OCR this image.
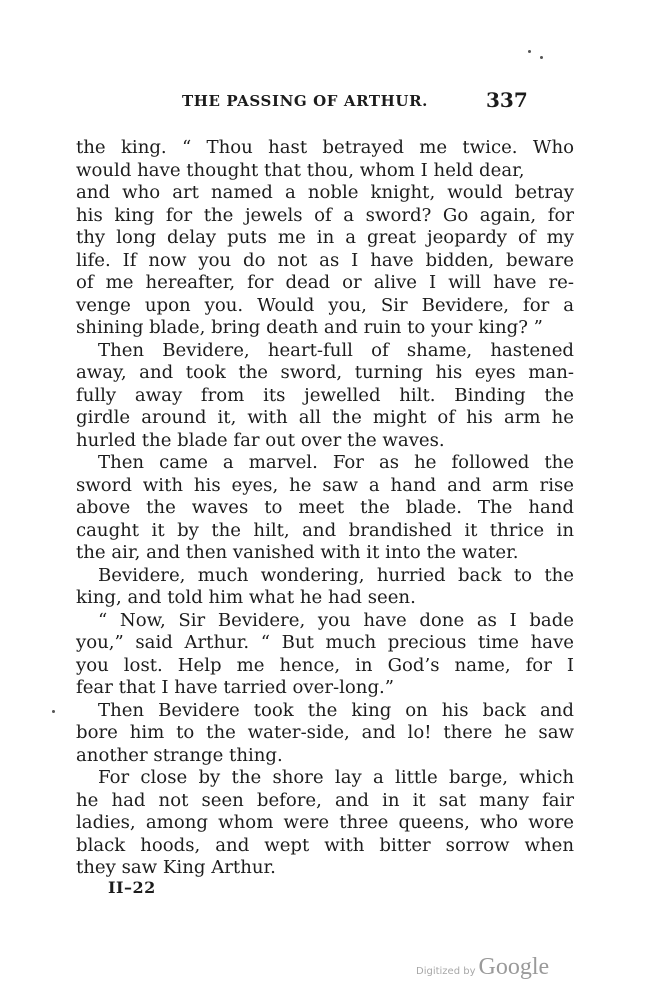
THE PASSING OF ARTHUR.	337
the king. “ Thou hast betrayed me twice. Who
would have thought that thou, whom I held dear,
and who art named a noble knight, would betray
his king for the jewels of a sword? Go again, for
thy long delay puts me in a great jeopardy of my
life. If now you do not as I have bidden, beware
of me hereafter, for dead or alive I will have re-
venge upon you. Would you, Sir Bevidere, for a
shining blade, bring death and ruin to your king? ”
Then Bevidere, heart-full of shame, hastened
away, and took the sword, turning his eyes man-
fully away from its jewelled hilt. Binding the
girdle around it, with all the might of his arm he
hurled the blade far out over the waves.
Then came a marvel. For as he followed the
sword with his eyes, he saw a hand and arm rise
above the waves to meet the blade. The hand
caught it by the hilt, and brandished it thrice in
the air, and then vanished with it into the water.
Bevidere, much wondering, hurried back to the
king, and told him what he had seen.
“ Now, Sir Bevidere, you have done as I bade
you,” said Arthur. “ But much precious time have
you lost. Help me hence, in God’s name, for I
fear that I have tarried over-long.”
Then Bevidere took the king on his back and
bore him to the water-side, and lo! there he saw
another strange thing.
For close by the shore lay a little barge, which
he had not seen before, and in it sat many fair
ladies, among whom were three queens, who wore
black hoods, and wept with bitter sorrow when
they saw King Arthur.
II–22
Digitized by Google
